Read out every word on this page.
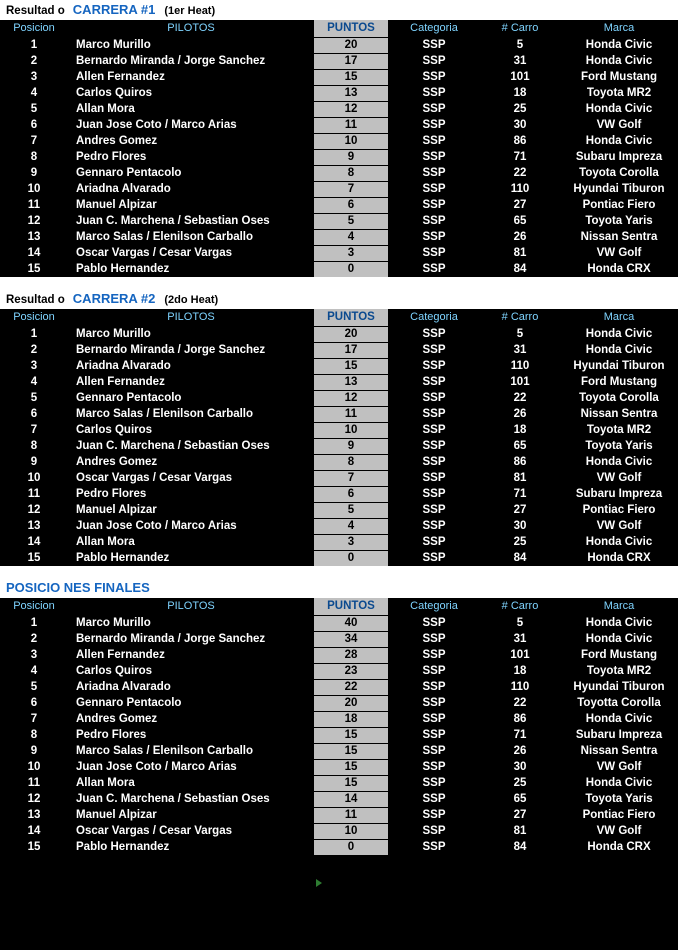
Resultad o CARRERA #1 (1er Heat)
Posicion	PILOTOS	PUNTOS	Categoria	# Carro	Marca
1	Marco Murillo	20	SSP	5	Honda Civic
2	Bernardo Miranda / Jorge Sanchez	17	SSP	31	Honda Civic
3	Allen Fernandez	15	SSP	101	Ford Mustang
4	Carlos Quiros	13	SSP	18	Toyota MR2
5	Allan Mora	12	SSP	25	Honda Civic
6	Juan Jose Coto / Marco Arias	11	SSP	30	VW Golf
7	Andres Gomez	10	SSP	86	Honda Civic
8	Pedro Flores	9	SSP	71	Subaru Impreza
9	Gennaro Pentacolo	8	SSP	22	Toyota Corolla
10	Ariadna Alvarado	7	SSP	110	Hyundai Tiburon
11	Manuel Alpizar	6	SSP	27	Pontiac Fiero
12	Juan C. Marchena / Sebastian Oses	5	SSP	65	Toyota Yaris
13	Marco Salas / Elenilson Carballo	4	SSP	26	Nissan Sentra
14	Oscar Vargas / Cesar Vargas	3	SSP	81	VW Golf
15	Pablo Hernandez	0	SSP	84	Honda CRX
Resultad o CARRERA #2 (2do Heat)
Posicion	PILOTOS	PUNTOS	Categoria	# Carro	Marca
1	Marco Murillo	20	SSP	5	Honda Civic
2	Bernardo Miranda / Jorge Sanchez	17	SSP	31	Honda Civic
3	Ariadna Alvarado	15	SSP	110	Hyundai Tiburon
4	Allen Fernandez	13	SSP	101	Ford Mustang
5	Gennaro Pentacolo	12	SSP	22	Toyota Corolla
6	Marco Salas / Elenilson Carballo	11	SSP	26	Nissan Sentra
7	Carlos Quiros	10	SSP	18	Toyota MR2
8	Juan C. Marchena / Sebastian Oses	9	SSP	65	Toyota Yaris
9	Andres Gomez	8	SSP	86	Honda Civic
10	Oscar Vargas / Cesar Vargas	7	SSP	81	VW Golf
11	Pedro Flores	6	SSP	71	Subaru Impreza
12	Manuel Alpizar	5	SSP	27	Pontiac Fiero
13	Juan Jose Coto / Marco Arias	4	SSP	30	VW Golf
14	Allan Mora	3	SSP	25	Honda Civic
15	Pablo Hernandez	0	SSP	84	Honda CRX
POSICIO NES FINALES
Posicion	PILOTOS	PUNTOS	Categoria	# Carro	Marca
1	Marco Murillo	40	SSP	5	Honda Civic
2	Bernardo Miranda / Jorge Sanchez	34	SSP	31	Honda Civic
3	Allen Fernandez	28	SSP	101	Ford Mustang
4	Carlos Quiros	23	SSP	18	Toyota MR2
5	Ariadna Alvarado	22	SSP	110	Hyundai Tiburon
6	Gennaro Pentacolo	20	SSP	22	Toyotta Corolla
7	Andres Gomez	18	SSP	86	Honda Civic
8	Pedro Flores	15	SSP	71	Subaru Impreza
9	Marco Salas / Elenilson Carballo	15	SSP	26	Nissan Sentra
10	Juan Jose Coto / Marco Arias	15	SSP	30	VW Golf
11	Allan Mora	15	SSP	25	Honda Civic
12	Juan C. Marchena / Sebastian Oses	14	SSP	65	Toyota Yaris
13	Manuel Alpizar	11	SSP	27	Pontiac Fiero
14	Oscar Vargas / Cesar Vargas	10	SSP	81	VW Golf
15	Pablo Hernandez	0	SSP	84	Honda CRX
